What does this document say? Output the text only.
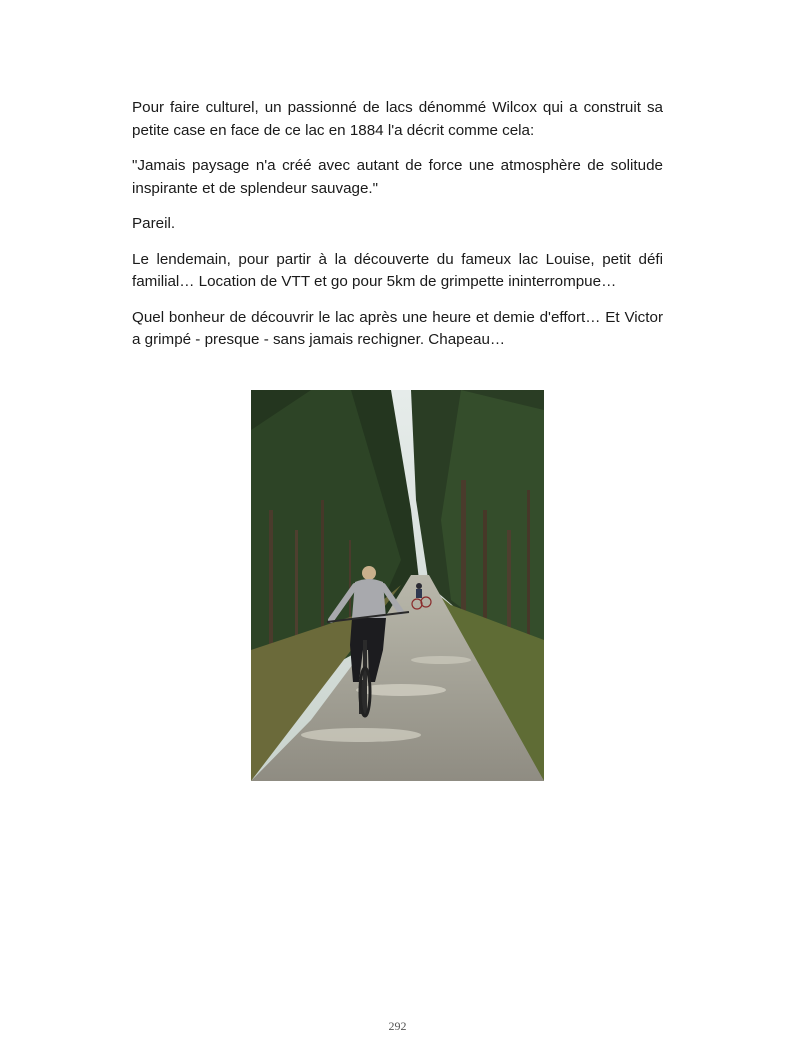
Pour faire culturel, un passionné de lacs dénommé Wilcox qui a construit sa petite case en face de ce lac en 1884 l'a décrit comme cela:

"Jamais paysage n'a créé avec autant de force une atmosphère de solitude inspirante et de splendeur sauvage."

Pareil.

Le lendemain, pour partir à la découverte du fameux lac Louise, petit défi familial… Location de VTT et go pour 5km de grimpette ininterrompue…

Quel bonheur de découvrir le lac après une heure et demie d'effort… Et Victor a grimpé - presque - sans jamais rechigner. Chapeau…

292
